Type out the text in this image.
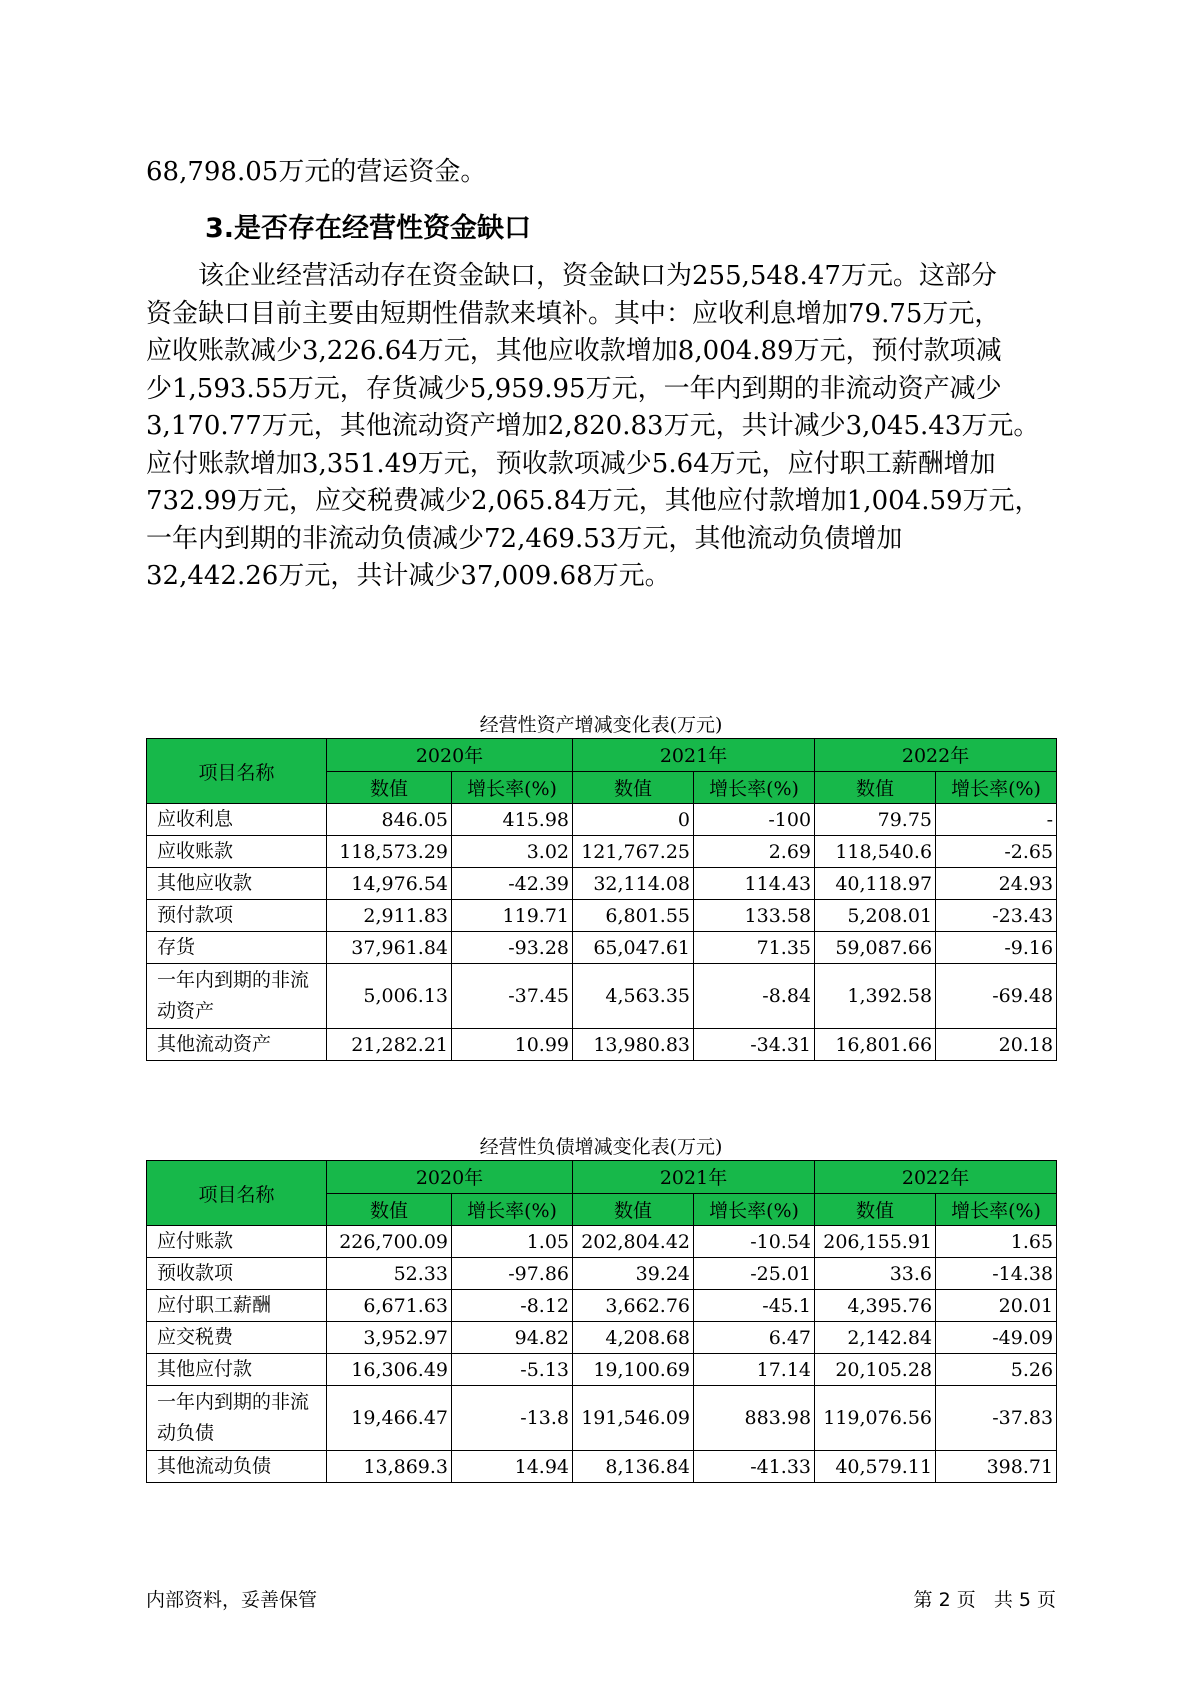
68,798.05万元的营运资金。

3.是否存在经营性资金缺口

该企业经营活动存在资金缺口，资金缺口为255,548.47万元。这部分

资金缺口目前主要由短期性借款来填补。其中：应收利息增加79.75万元，

应收账款减少3,226.64万元，其他应收款增加8,004.89万元，预付款项减

少1,593.55万元，存货减少5,959.95万元，一年内到期的非流动资产减少

3,170.77万元，其他流动资产增加2,820.83万元，共计减少3,045.43万元。

应付账款增加3,351.49万元，预收款项减少5.64万元，应付职工薪酬增加

732.99万元，应交税费减少2,065.84万元，其他应付款增加1,004.59万元，

一年内到期的非流动负债减少72,469.53万元，其他流动负债增加

32,442.26万元，共计减少37,009.68万元。

经营性资产增减变化表(万元)

项目名称	2020年		2021年		2022年	
	数值	增长率(%)	数值	增长率(%)	数值	增长率(%)
应收利息	846.05	415.98	0	-100	79.75	-
应收账款	118,573.29	3.02	121,767.25	2.69	118,540.6	-2.65
其他应收款	14,976.54	-42.39	32,114.08	114.43	40,118.97	24.93
预付款项	2,911.83	119.71	6,801.55	133.58	5,208.01	-23.43
存货	37,961.84	-93.28	65,047.61	71.35	59,087.66	-9.16
一年内到期的非流动资产	5,006.13	-37.45	4,563.35	-8.84	1,392.58	-69.48
其他流动资产	21,282.21	10.99	13,980.83	-34.31	16,801.66	20.18

经营性负债增减变化表(万元)

项目名称	2020年		2021年		2022年	
	数值	增长率(%)	数值	增长率(%)	数值	增长率(%)
应付账款	226,700.09	1.05	202,804.42	-10.54	206,155.91	1.65
预收款项	52.33	-97.86	39.24	-25.01	33.6	-14.38
应付职工薪酬	6,671.63	-8.12	3,662.76	-45.1	4,395.76	20.01
应交税费	3,952.97	94.82	4,208.68	6.47	2,142.84	-49.09
其他应付款	16,306.49	-5.13	19,100.69	17.14	20,105.28	5.26
一年内到期的非流动负债	19,466.47	-13.8	191,546.09	883.98	119,076.56	-37.83
其他流动负债	13,869.3	14.94	8,136.84	-41.33	40,579.11	398.71

内部资料，妥善保管	第 2 页   共 5 页
